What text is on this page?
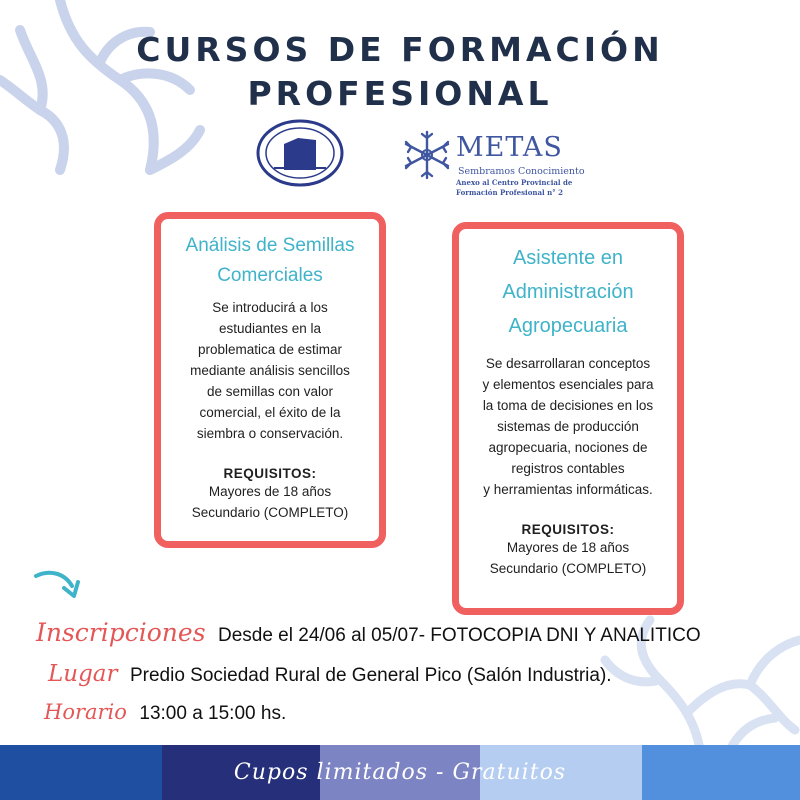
CURSOS DE FORMACIÓN
PROFESIONAL
METAS
Sembramos Conocimiento
Anexo al Centro Provincial de
Formación Profesional n° 2
Análisis de Semillas
Comerciales
Se introducirá a los
estudiantes en la
problematica de estimar
mediante análisis sencillos
de semillas con valor
comercial, el éxito de la
siembra o conservación.
REQUISITOS:
Mayores de 18 años
Secundario (COMPLETO)
Asistente en
Administración
Agropecuaria
Se desarrollaran conceptos
y elementos esenciales para
la toma de decisiones en los
sistemas de producción
agropecuaria, nociones de
registros contables
y herramientas informáticas.
REQUISITOS:
Mayores de 18 años
Secundario (COMPLETO)
Inscripciones Desde el 24/06 al 05/07- FOTOCOPIA DNI Y ANALITICO
Lugar Predio Sociedad Rural de General Pico (Salón Industria).
Horario 13:00 a 15:00 hs.
Cupos limitados - Gratuitos
